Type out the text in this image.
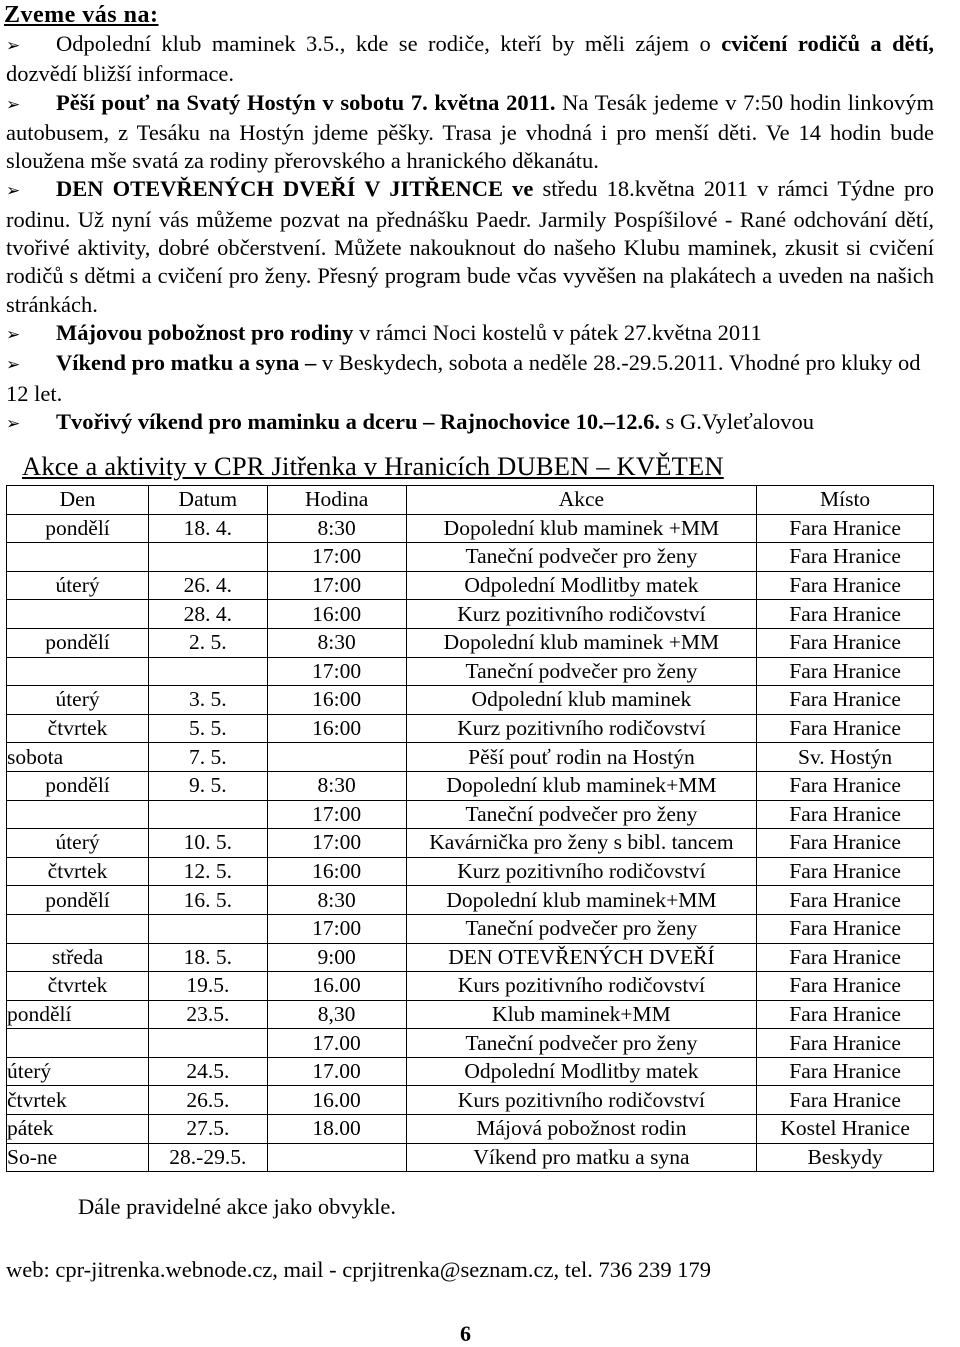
Zveme vás na:

➢ Odpolední klub maminek 3.5., kde se rodiče, kteří by měli zájem o cvičení rodičů a dětí, dozvědí bližší informace.

➢ Pěší pouť na Svatý Hostýn v sobotu 7. května 2011. Na Tesák jedeme v 7:50 hodin linkovým autobusem, z Tesáku na Hostýn jdeme pěšky. Trasa je vhodná i pro menší děti. Ve 14 hodin bude sloužena mše svatá za rodiny přerovského a hranického děkanátu.

➢ DEN OTEVŘENÝCH DVEŘÍ V JITŘENCE ve středu 18.května 2011 v rámci Týdne pro rodinu. Už nyní vás můžeme pozvat na přednášku Paedr. Jarmily Pospíšilové - Rané odchování dětí, tvořivé aktivity, dobré občerstvení. Můžete nakouknout do našeho Klubu maminek, zkusit si cvičení rodičů s dětmi a cvičení pro ženy. Přesný program bude včas vyvěšen na plakátech a uveden na našich stránkách.

➢ Májovou pobožnost pro rodiny v rámci Noci kostelů v pátek 27.května 2011

➢ Víkend pro matku a syna – v Beskydech, sobota a neděle 28.-29.5.2011. Vhodné pro kluky od 12 let.

➢ Tvořivý víkend pro maminku a dceru – Rajnochovice 10.–12.6. s G.Vyleťalovou

Akce a aktivity v CPR Jitřenka v Hranicích DUBEN – KVĚTEN
Den	Datum	Hodina	Akce	Místo
pondělí	18. 4.	8:30	Dopolední klub maminek +MM	Fara Hranice
		17:00	Taneční podvečer pro ženy	Fara Hranice
úterý	26. 4.	17:00	Odpolední Modlitby matek	Fara Hranice
	28. 4.	16:00	Kurz pozitivního rodičovství	Fara Hranice
pondělí	2. 5.	8:30	Dopolední klub maminek +MM	Fara Hranice
		17:00	Taneční podvečer pro ženy	Fara Hranice
úterý	3. 5.	16:00	Odpolední klub maminek	Fara Hranice
čtvrtek	5. 5.	16:00	Kurz pozitivního rodičovství	Fara Hranice
sobota	7. 5.		Pěší pouť rodin na Hostýn	Sv. Hostýn
pondělí	9. 5.	8:30	Dopolední klub maminek+MM	Fara Hranice
		17:00	Taneční podvečer pro ženy	Fara Hranice
úterý	10. 5.	17:00	Kavárnička pro ženy s bibl. tancem	Fara Hranice
čtvrtek	12. 5.	16:00	Kurz pozitivního rodičovství	Fara Hranice
pondělí	16. 5.	8:30	Dopolední klub maminek+MM	Fara Hranice
		17:00	Taneční podvečer pro ženy	Fara Hranice
středa	18. 5.	9:00	DEN OTEVŘENÝCH DVEŘÍ	Fara Hranice
čtvrtek	19.5.	16.00	Kurs pozitivního rodičovství	Fara Hranice
pondělí	23.5.	8,30	Klub maminek+MM	Fara Hranice
		17.00	Taneční podvečer pro ženy	Fara Hranice
úterý	24.5.	17.00	Odpolední Modlitby matek	Fara Hranice
čtvrtek	26.5.	16.00	Kurs pozitivního rodičovství	Fara Hranice
pátek	27.5.	18.00	Májová pobožnost rodin	Kostel Hranice
So-ne	28.-29.5.		Víkend pro matku a syna	Beskydy
Dále pravidelné akce jako obvykle.
web: cpr-jitrenka.webnode.cz, mail - cprjitrenka@seznam.cz, tel. 736 239 179
6
